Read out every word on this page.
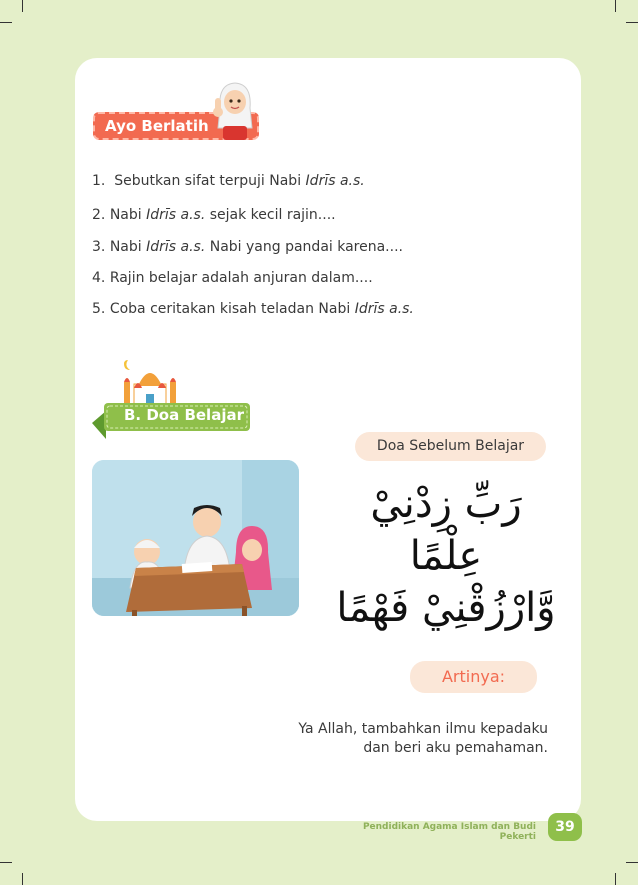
Ayo Berlatih
1. Sebutkan sifat terpuji Nabi Idrīs a.s.
2. Nabi Idrīs a.s. sejak kecil rajin....
3. Nabi Idrīs a.s. Nabi yang pandai karena....
4. Rajin belajar adalah anjuran dalam....
5. Coba ceritakan kisah teladan Nabi Idrīs a.s.
B. Doa Belajar
Doa Sebelum Belajar
رَبِّ زِدْنِيْ عِلْمًا
وَّارْزُقْنِيْ فَهْمًا
Artinya:
Ya Allah, tambahkan ilmu kepadaku
dan beri aku pemahaman.
Pendidikan Agama Islam dan Budi Pekerti
39
